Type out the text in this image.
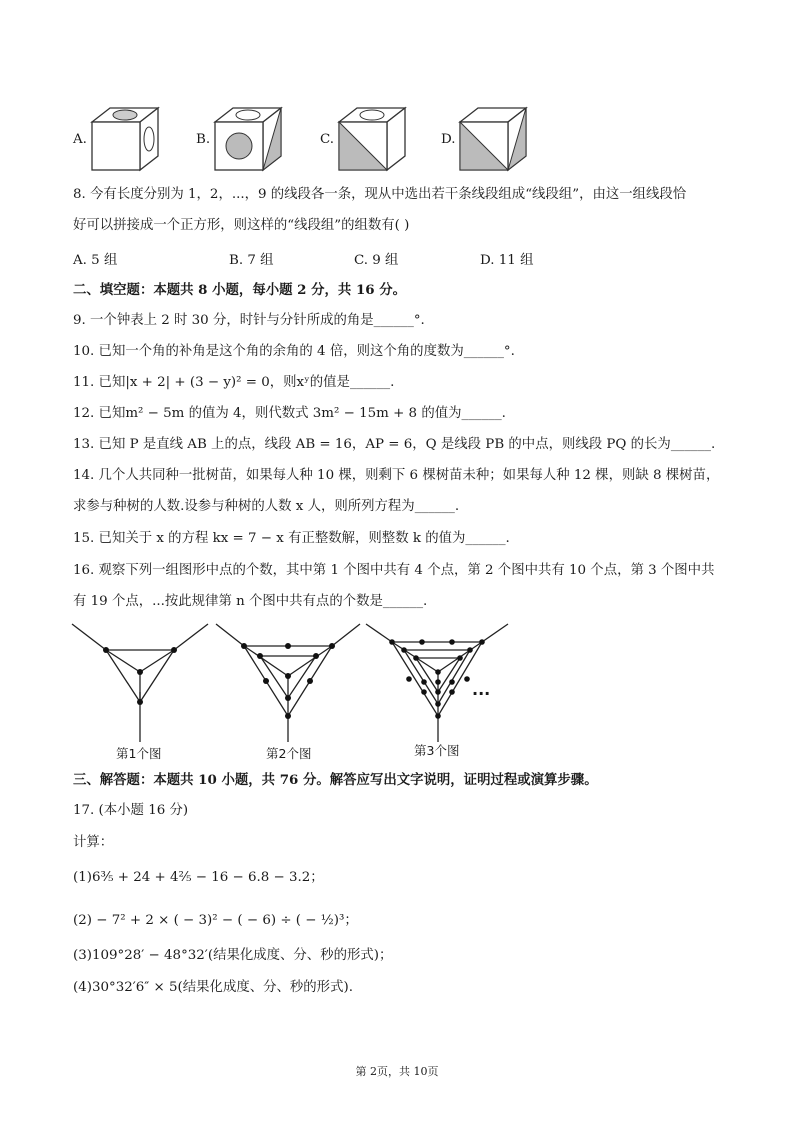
A.	B.	C.	D.
8. 今有长度分别为 1，2，...，9 的线段各一条，现从中选出若干条线段组成“线段组”，由这一组线段恰
好可以拼接成一个正方形，则这样的“线段组”的组数有( )
A. 5 组	B. 7 组	C. 9 组	D. 11 组
二、填空题：本题共 8 小题，每小题 2 分，共 16 分。
9. 一个钟表上 2 时 30 分，时针与分针所成的角是______°.
10. 已知一个角的补角是这个角的余角的 4 倍，则这个角的度数为______°.
11. 已知|x + 2| + (3 − y)² = 0，则xʸ的值是______.
12. 已知m² − 5m 的值为 4，则代数式 3m² − 15m + 8 的值为______.
13. 已知 P 是直线 AB 上的点，线段 AB = 16，AP = 6，Q 是线段 PB 的中点，则线段 PQ 的长为______.
14. 几个人共同种一批树苗，如果每人种 10 棵，则剩下 6 棵树苗未种；如果每人种 12 棵，则缺 8 棵树苗，
求参与种树的人数.设参与种树的人数 x 人，则所列方程为______.
15. 已知关于 x 的方程 kx = 7 − x 有正整数解，则整数 k 的值为______.
16. 观察下列一组图形中点的个数，其中第 1 个图中共有 4 个点，第 2 个图中共有 10 个点，第 3 个图中共
有 19 个点，...按此规律第 n 个图中共有点的个数是______.
第1个图	第2个图
...
第3个图
三、解答题：本题共 10 小题，共 76 分。解答应写出文字说明，证明过程或演算步骤。
17. (本小题 16 分)
计算：
(1)6³⁄₅ + 24 + 4²⁄₅ − 16 − 6.8 − 3.2；
(2) − 7² + 2 × ( − 3)² − ( − 6) ÷ ( − ½)³；
(3)109°28′ − 48°32′(结果化成度、分、秒的形式)；
(4)30°32′6″ × 5(结果化成度、分、秒的形式).
第 2页，共 10页
